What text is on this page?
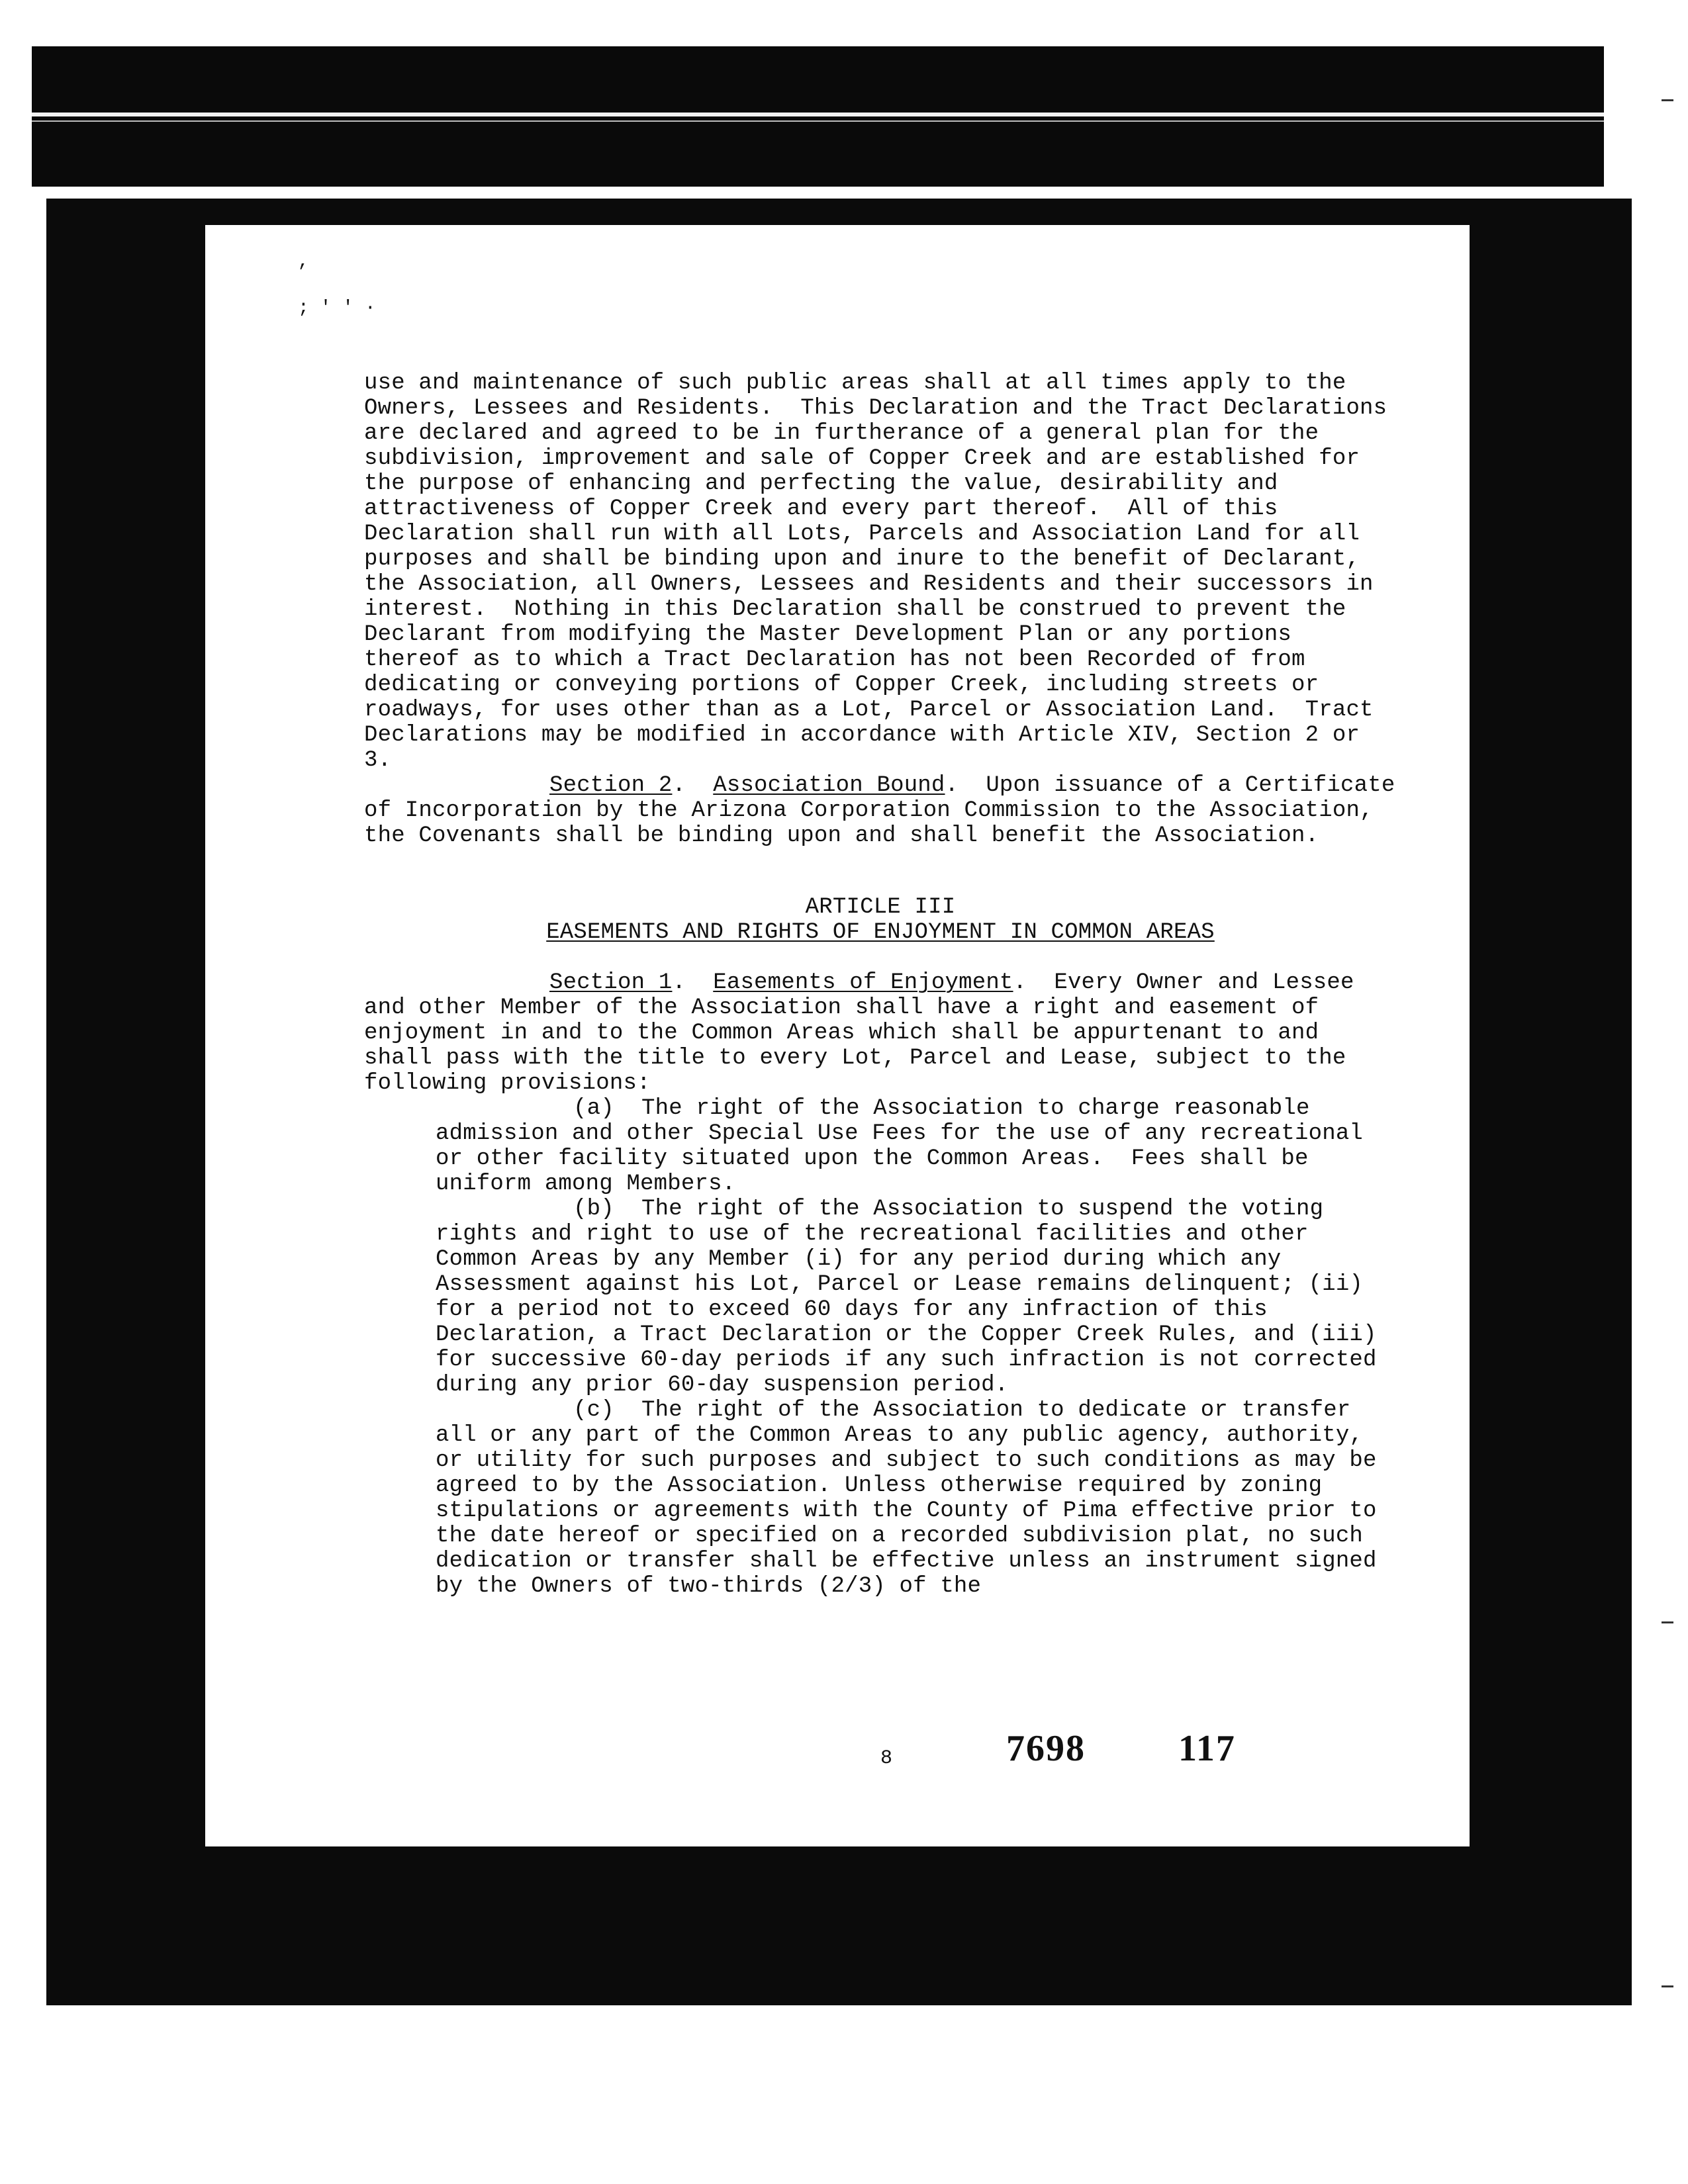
,
; ' ' ·

use and maintenance of such public areas shall at all times apply to the Owners, Lessees and Residents.  This Declaration and the Tract Declarations are declared and agreed to be in furtherance of a general plan for the subdivision, improvement and sale of Copper Creek and are established for the purpose of enhancing and perfecting the value, desirability and attractiveness of Copper Creek and every part thereof.  All of this Declaration shall run with all Lots, Parcels and Association Land for all purposes and shall be binding upon and inure to the benefit of Declarant, the Association, all Owners, Lessees and Residents and their successors in interest.  Nothing in this Declaration shall be construed to prevent the Declarant from modifying the Master Development Plan or any portions thereof as to which a Tract Declaration has not been Recorded of from dedicating or conveying portions of Copper Creek, including streets or roadways, for uses other than as a Lot, Parcel or Association Land.  Tract Declarations may be modified in accordance with Article XIV, Section 2 or 3.

Section 2.  Association Bound.  Upon issuance of a Certificate of Incorporation by the Arizona Corporation Commission to the Association, the Covenants shall be binding upon and shall benefit the Association.

ARTICLE III
EASEMENTS AND RIGHTS OF ENJOYMENT IN COMMON AREAS

Section 1.  Easements of Enjoyment.  Every Owner and Lessee and other Member of the Association shall have a right and easement of enjoyment in and to the Common Areas which shall be appurtenant to and shall pass with the title to every Lot, Parcel and Lease, subject to the following provisions:

(a) The right of the Association to charge reasonable admission and other Special Use Fees for the use of any recreational or other facility situated upon the Common Areas.  Fees shall be uniform among Members.

(b) The right of the Association to suspend the voting rights and right to use of the recreational facilities and other Common Areas by any Member (i) for any period during which any Assessment against his Lot, Parcel or Lease remains delinquent; (ii) for a period not to exceed 60 days for any infraction of this Declaration, a Tract Declaration or the Copper Creek Rules, and (iii) for successive 60-day periods if any such infraction is not corrected during any prior 60-day suspension period.

(c) The right of the Association to dedicate or transfer all or any part of the Common Areas to any public agency, authority, or utility for such purposes and subject to such conditions as may be agreed to by the Association. Unless otherwise required by zoning stipulations or agreements with the County of Pima effective prior to the date hereof or specified on a recorded subdivision plat, no such dedication or transfer shall be effective unless an instrument signed by the Owners of two-thirds (2/3) of the

8	7698	117
